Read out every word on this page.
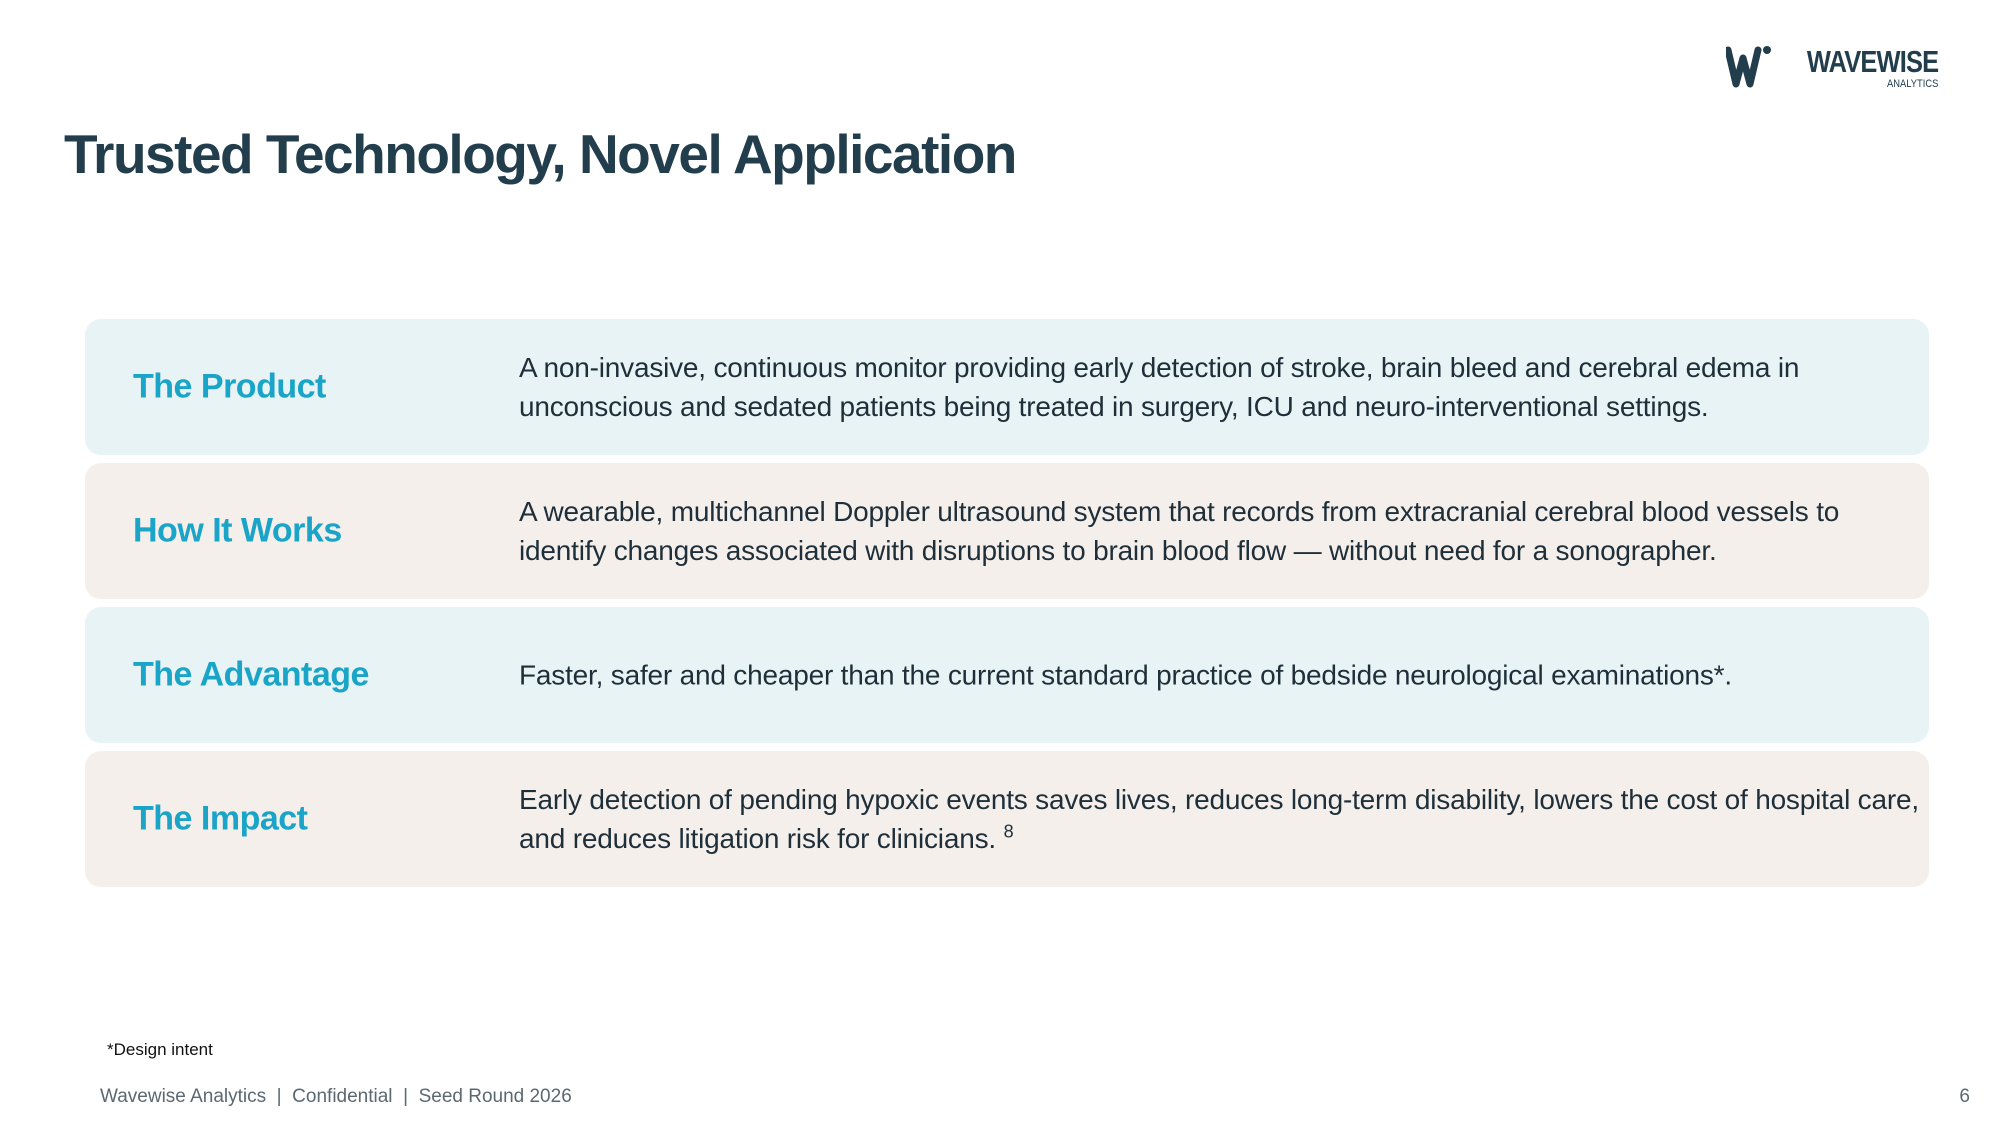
WAVEWISE
ANALYTICS
Trusted Technology, Novel Application
The Product	A non-invasive, continuous monitor providing early detection of stroke, brain bleed and cerebral edema in unconscious and sedated patients being treated in surgery, ICU and neuro-interventional settings.
How It Works	A wearable, multichannel Doppler ultrasound system that records from extracranial cerebral blood vessels to identify changes associated with disruptions to brain blood flow — without need for a sonographer.
The Advantage	Faster, safer and cheaper than the current standard practice of bedside neurological examinations*.
The Impact	Early detection of pending hypoxic events saves lives, reduces long-term disability, lowers the cost of hospital care, and reduces litigation risk for clinicians. $^8$
*Design intent
Wavewise Analytics  |  Confidential  |  Seed Round 2026	6
